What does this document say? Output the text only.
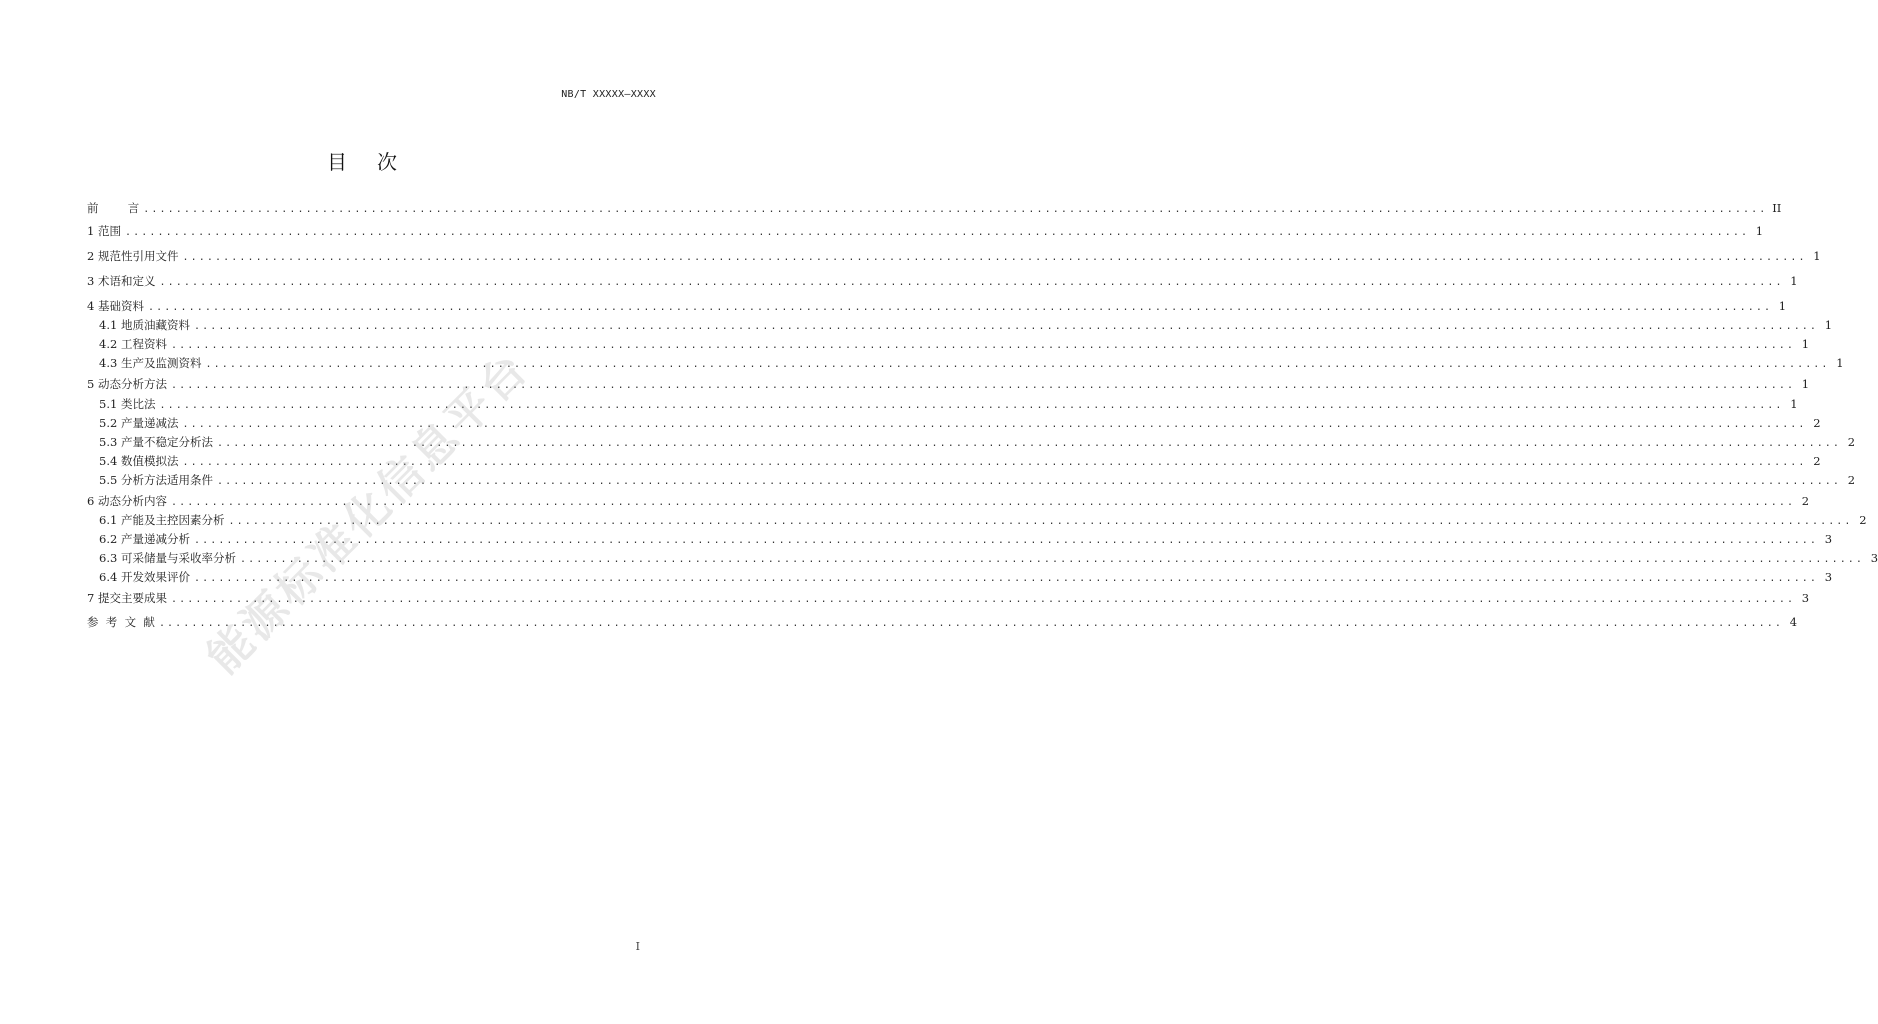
NB/T XXXXX—XXXX
目次
前        言 ........................................................................................................................................................................................................ II
1 范围 ........................................................................................................................................................................................................ 1
2 规范性引用文件 ........................................................................................................................................................................................................ 1
3 术语和定义 ........................................................................................................................................................................................................ 1
4 基础资料 ........................................................................................................................................................................................................ 1
4.1 地质油藏资料 ........................................................................................................................................................................................................ 1
4.2 工程资料 ........................................................................................................................................................................................................ 1
4.3 生产及监测资料 ........................................................................................................................................................................................................ 1
5 动态分析方法 ........................................................................................................................................................................................................ 1
5.1 类比法 ........................................................................................................................................................................................................ 1
5.2 产量递减法 ........................................................................................................................................................................................................ 2
5.3 产量不稳定分析法 ........................................................................................................................................................................................................ 2
5.4 数值模拟法 ........................................................................................................................................................................................................ 2
5.5 分析方法适用条件 ........................................................................................................................................................................................................ 2
6 动态分析内容 ........................................................................................................................................................................................................ 2
6.1 产能及主控因素分析 ........................................................................................................................................................................................................ 2
6.2 产量递减分析 ........................................................................................................................................................................................................ 3
6.3 可采储量与采收率分析 ........................................................................................................................................................................................................ 3
6.4 开发效果评价 ........................................................................................................................................................................................................ 3
7 提交主要成果 ........................................................................................................................................................................................................ 3
参  考  文  献 ........................................................................................................................................................................................................ 4
能源标准化信息平台
I
